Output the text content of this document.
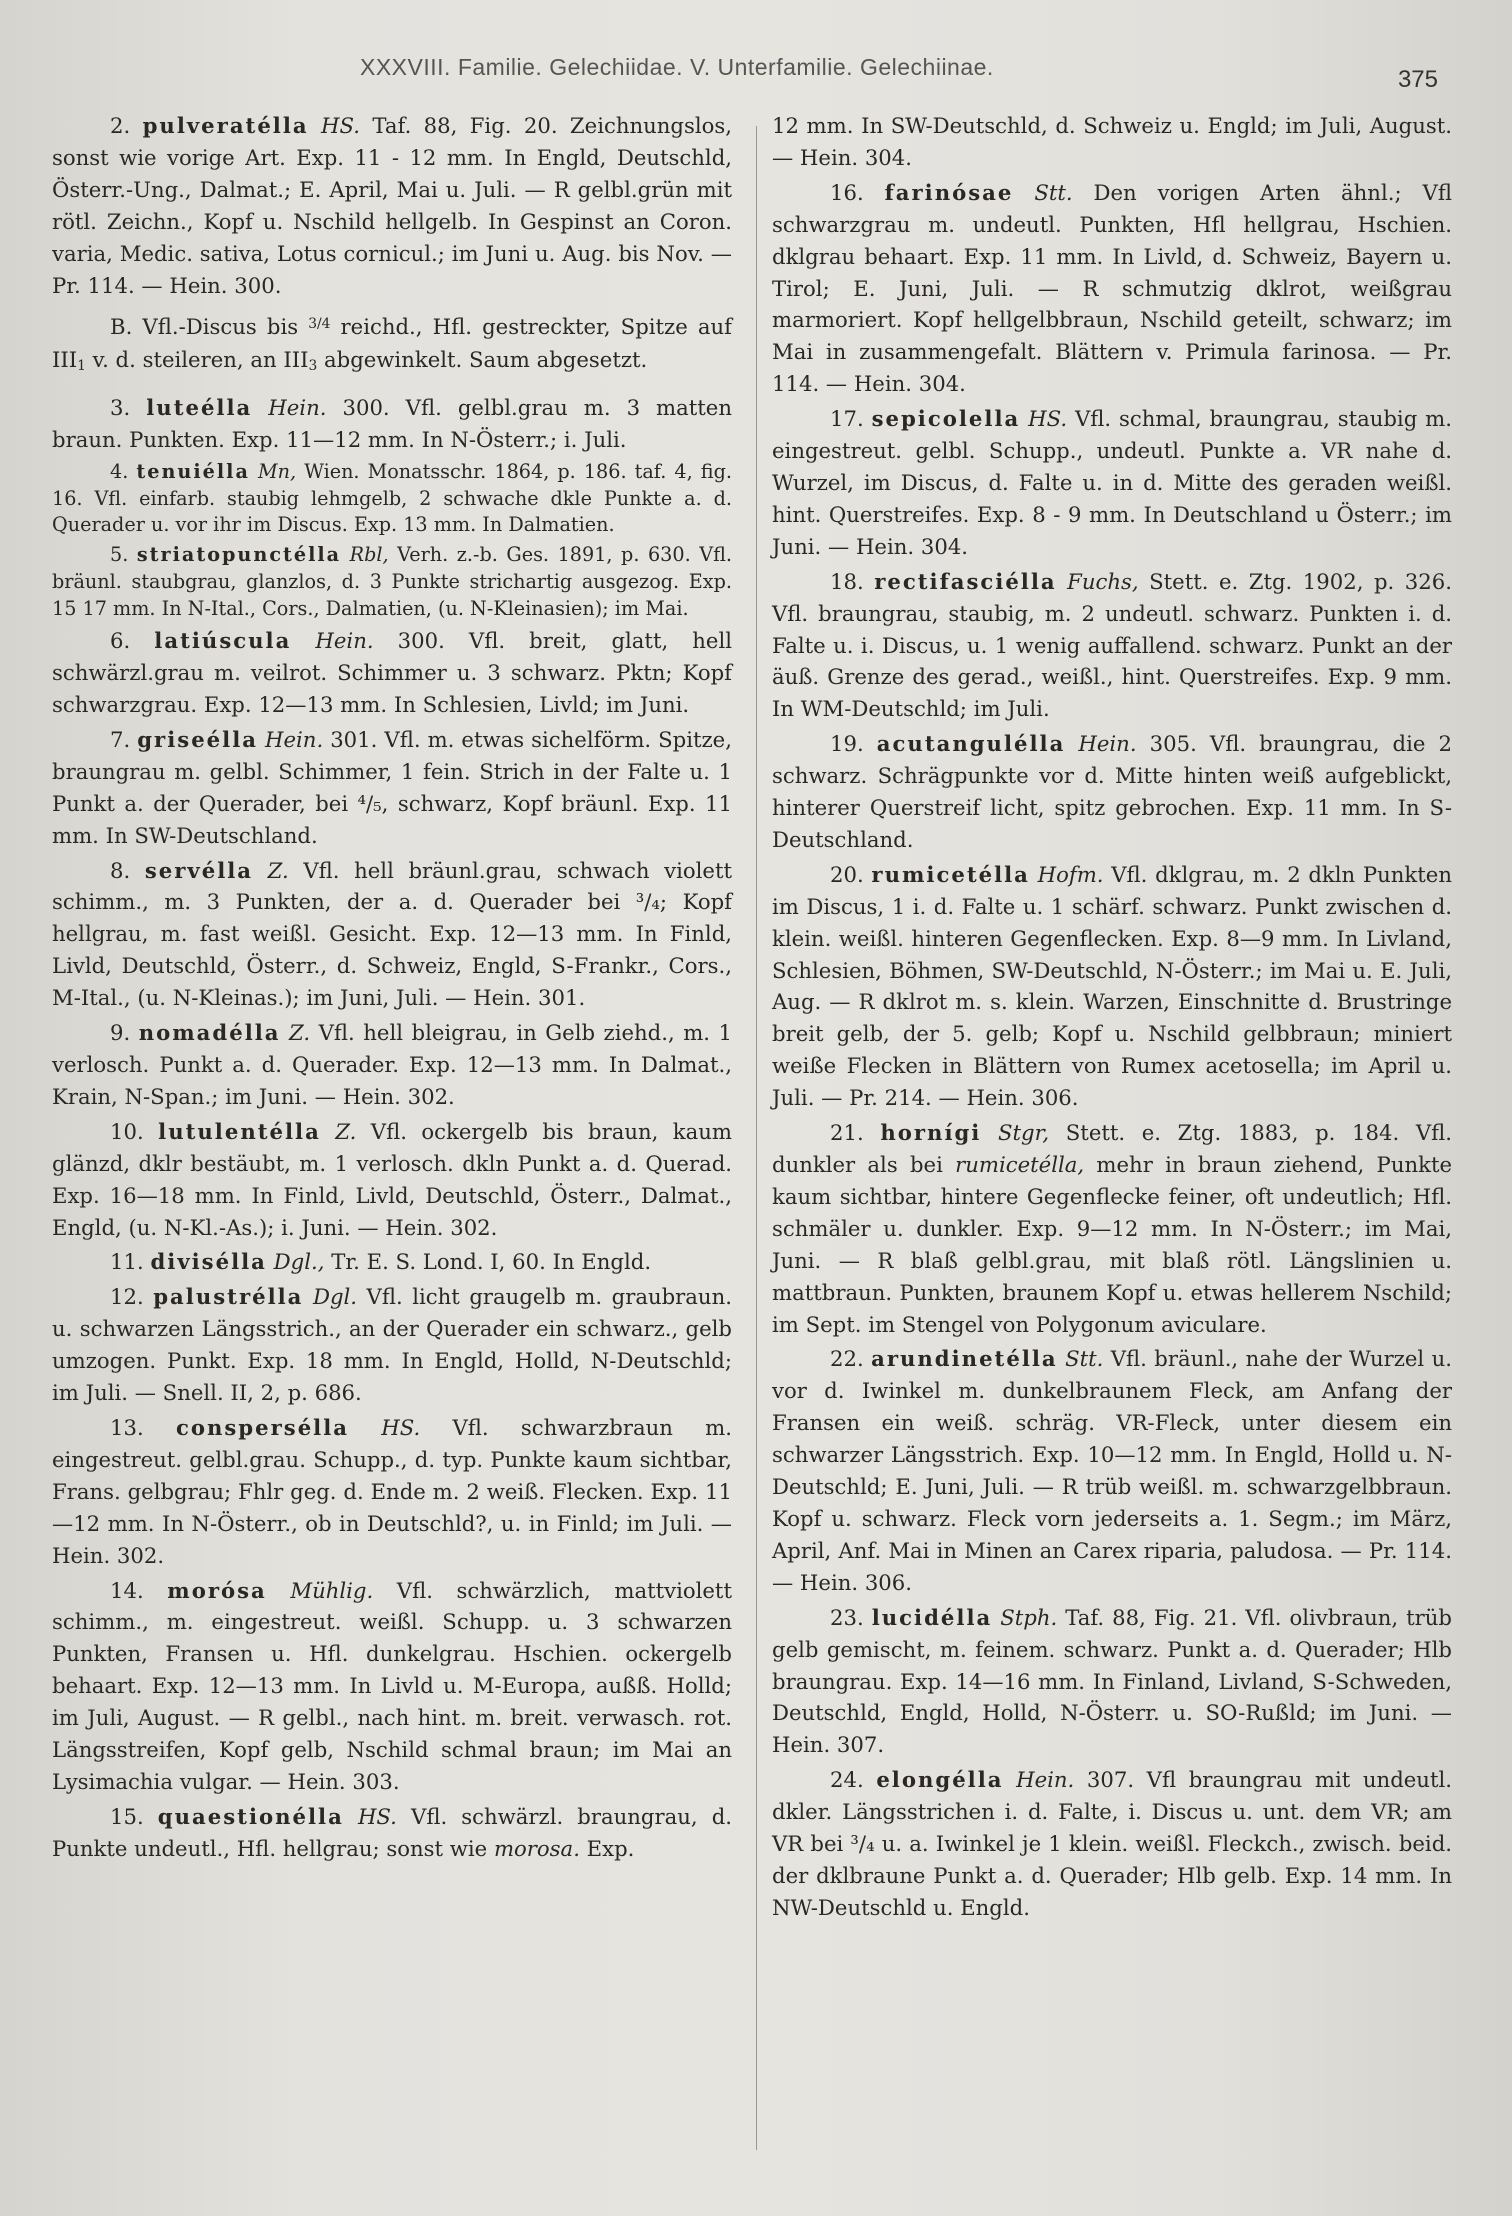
XXXVIII. Familie. Gelechiidae. V. Unterfamilie. Gelechiinae.	375

2. pulveratélla HS. Taf. 88, Fig. 20. Zeichnungslos, sonst wie vorige Art. Exp. 11 - 12 mm. In Engld, Deutschld, Österr.-Ung., Dalmat.; E. April, Mai u. Juli. — R gelbl.grün mit rötl. Zeichn., Kopf u. Nschild hellgelb. In Gespinst an Coron. varia, Medic. sativa, Lotus cornicul.; im Juni u. Aug. bis Nov. — Pr. 114. — Hein. 300.

B. Vfl.-Discus bis $^{3/4}$ reichd., Hfl. gestreckter, Spitze auf III1 v. d. steileren, an III3 abgewinkelt. Saum abgesetzt.

3. luteélla Hein. 300. Vfl. gelbl.grau m. 3 matten braun. Punkten. Exp. 11—12 mm. In N-Österr.; i. Juli.

4. tenuiélla Mn, Wien. Monatsschr. 1864, p. 186. taf. 4, fig. 16. Vfl. einfarb. staubig lehmgelb, 2 schwache dkle Punkte a. d. Querader u. vor ihr im Discus. Exp. 13 mm. In Dalmatien.

5. striatopunctélla Rbl, Verh. z.-b. Ges. 1891, p. 630. Vfl. bräunl. staubgrau, glanzlos, d. 3 Punkte strichartig ausgezog. Exp. 15 17 mm. In N-Ital., Cors., Dalmatien, (u. N-Kleinasien); im Mai.

6. latiúscula Hein. 300. Vfl. breit, glatt, hell schwärzl.grau m. veilrot. Schimmer u. 3 schwarz. Pktn; Kopf schwarzgrau. Exp. 12—13 mm. In Schlesien, Livld; im Juni.

7. griseélla Hein. 301. Vfl. m. etwas sichelförm. Spitze, braungrau m. gelbl. Schimmer, 1 fein. Strich in der Falte u. 1 Punkt a. der Querader, bei ⁴/₅, schwarz, Kopf bräunl. Exp. 11 mm. In SW-Deutschland.

8. servélla Z. Vfl. hell bräunl.grau, schwach violett schimm., m. 3 Punkten, der a. d. Querader bei ³/₄; Kopf hellgrau, m. fast weißl. Gesicht. Exp. 12—13 mm. In Finld, Livld, Deutschld, Österr., d. Schweiz, Engld, S-Frankr., Cors., M-Ital., (u. N-Kleinas.); im Juni, Juli. — Hein. 301.

9. nomadélla Z. Vfl. hell bleigrau, in Gelb ziehd., m. 1 verlosch. Punkt a. d. Querader. Exp. 12—13 mm. In Dalmat., Krain, N-Span.; im Juni. — Hein. 302.

10. lutulentélla Z. Vfl. ockergelb bis braun, kaum glänzd, dklr bestäubt, m. 1 verlosch. dkln Punkt a. d. Querad. Exp. 16—18 mm. In Finld, Livld, Deutschld, Österr., Dalmat., Engld, (u. N-Kl.-As.); i. Juni. — Hein. 302.

11. divisélla Dgl., Tr. E. S. Lond. I, 60. In Engld.

12. palustrélla Dgl. Vfl. licht graugelb m. graubraun. u. schwarzen Längsstrich., an der Querader ein schwarz., gelb umzogen. Punkt. Exp. 18 mm. In Engld, Holld, N-Deutschld; im Juli. — Snell. II, 2, p. 686.

13. conspersélla HS. Vfl. schwarzbraun m. eingestreut. gelbl.grau. Schupp., d. typ. Punkte kaum sichtbar, Frans. gelbgrau; Fhlr geg. d. Ende m. 2 weiß. Flecken. Exp. 11—12 mm. In N-Österr., ob in Deutschld?, u. in Finld; im Juli. — Hein. 302.

14. morósa Mühlig. Vfl. schwärzlich, mattviolett schimm., m. eingestreut. weißl. Schupp. u. 3 schwarzen Punkten, Fransen u. Hfl. dunkelgrau. Hschien. ockergelb behaart. Exp. 12—13 mm. In Livld u. M-Europa, außß. Holld; im Juli, August. — R gelbl., nach hint. m. breit. verwasch. rot. Längsstreifen, Kopf gelb, Nschild schmal braun; im Mai an Lysimachia vulgar. — Hein. 303.

15. quaestionélla HS. Vfl. schwärzl. braungrau, d. Punkte undeutl., Hfl. hellgrau; sonst wie morosa. Exp.

12 mm. In SW-Deutschld, d. Schweiz u. Engld; im Juli, August. — Hein. 304.

16. farinósae Stt. Den vorigen Arten ähnl.; Vfl schwarzgrau m. undeutl. Punkten, Hfl hellgrau, Hschien. dklgrau behaart. Exp. 11 mm. In Livld, d. Schweiz, Bayern u. Tirol; E. Juni, Juli. — R schmutzig dklrot, weißgrau marmoriert. Kopf hellgelbbraun, Nschild geteilt, schwarz; im Mai in zusammengefalt. Blättern v. Primula farinosa. — Pr. 114. — Hein. 304.

17. sepicolella HS. Vfl. schmal, braungrau, staubig m. eingestreut. gelbl. Schupp., undeutl. Punkte a. VR nahe d. Wurzel, im Discus, d. Falte u. in d. Mitte des geraden weißl. hint. Querstreifes. Exp. 8 - 9 mm. In Deutschland u Österr.; im Juni. — Hein. 304.

18. rectifasciélla Fuchs, Stett. e. Ztg. 1902, p. 326. Vfl. braungrau, staubig, m. 2 undeutl. schwarz. Punkten i. d. Falte u. i. Discus, u. 1 wenig auffallend. schwarz. Punkt an der äuß. Grenze des gerad., weißl., hint. Querstreifes. Exp. 9 mm. In WM-Deutschld; im Juli.

19. acutangulélla Hein. 305. Vfl. braungrau, die 2 schwarz. Schrägpunkte vor d. Mitte hinten weiß aufgeblickt, hinterer Querstreif licht, spitz gebrochen. Exp. 11 mm. In S-Deutschland.

20. rumicetélla Hofm. Vfl. dklgrau, m. 2 dkln Punkten im Discus, 1 i. d. Falte u. 1 schärf. schwarz. Punkt zwischen d. klein. weißl. hinteren Gegenflecken. Exp. 8—9 mm. In Livland, Schlesien, Böhmen, SW-Deutschld, N-Österr.; im Mai u. E. Juli, Aug. — R dklrot m. s. klein. Warzen, Einschnitte d. Brustringe breit gelb, der 5. gelb; Kopf u. Nschild gelbbraun; miniert weiße Flecken in Blättern von Rumex acetosella; im April u. Juli. — Pr. 214. — Hein. 306.

21. hornígi Stgr, Stett. e. Ztg. 1883, p. 184. Vfl. dunkler als bei rumicetélla, mehr in braun ziehend, Punkte kaum sichtbar, hintere Gegenflecke feiner, oft undeutlich; Hfl. schmäler u. dunkler. Exp. 9—12 mm. In N-Österr.; im Mai, Juni. — R blaß gelbl.grau, mit blaß rötl. Längslinien u. mattbraun. Punkten, braunem Kopf u. etwas hellerem Nschild; im Sept. im Stengel von Polygonum aviculare.

22. arundinetélla Stt. Vfl. bräunl., nahe der Wurzel u. vor d. Iwinkel m. dunkelbraunem Fleck, am Anfang der Fransen ein weiß. schräg. VR-Fleck, unter diesem ein schwarzer Längsstrich. Exp. 10—12 mm. In Engld, Holld u. N-Deutschld; E. Juni, Juli. — R trüb weißl. m. schwarzgelbbraun. Kopf u. schwarz. Fleck vorn jederseits a. 1. Segm.; im März, April, Anf. Mai in Minen an Carex riparia, paludosa. — Pr. 114. — Hein. 306.

23. lucidélla Stph. Taf. 88, Fig. 21. Vfl. olivbraun, trüb gelb gemischt, m. feinem. schwarz. Punkt a. d. Querader; Hlb braungrau. Exp. 14—16 mm. In Finland, Livland, S-Schweden, Deutschld, Engld, Holld, N-Österr. u. SO-Rußld; im Juni. — Hein. 307.

24. elongélla Hein. 307. Vfl braungrau mit undeutl. dkler. Längsstrichen i. d. Falte, i. Discus u. unt. dem VR; am VR bei ³/₄ u. a. Iwinkel je 1 klein. weißl. Fleckch., zwisch. beid. der dklbraune Punkt a. d. Querader; Hlb gelb. Exp. 14 mm. In NW-Deutschld u. Engld.
